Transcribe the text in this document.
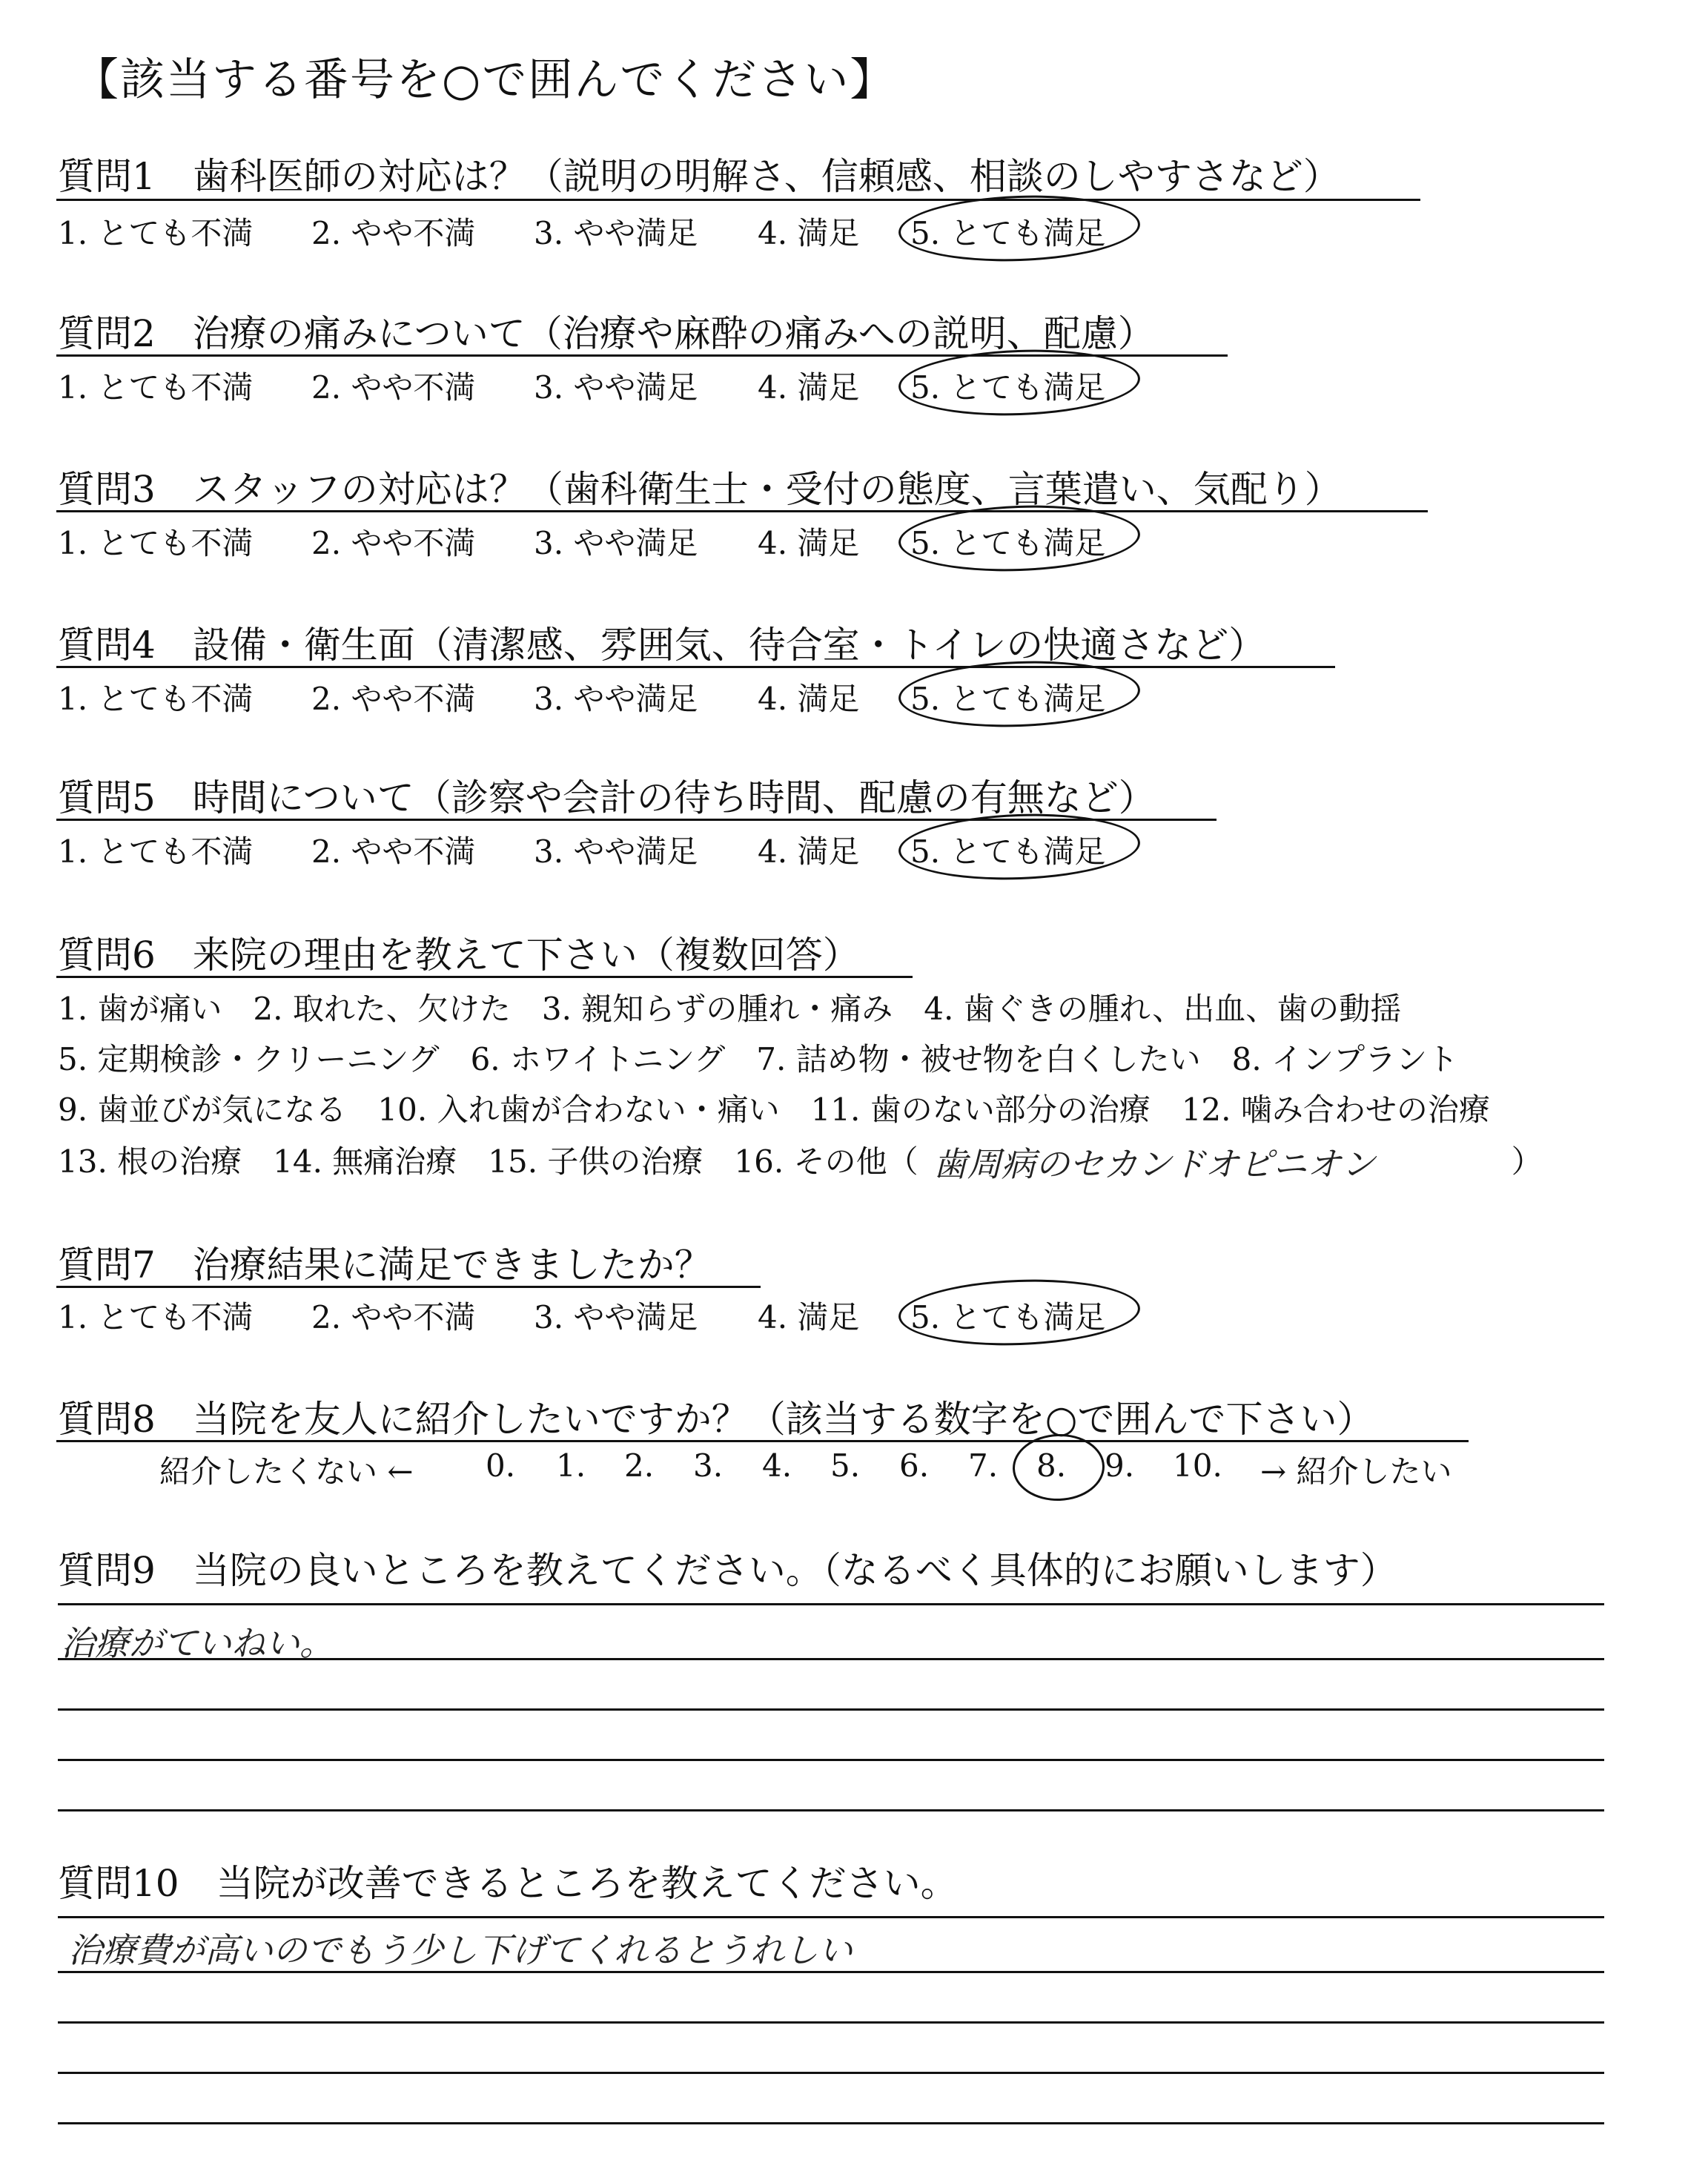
【該当する番号を○で囲んでください】
質問1　歯科医師の対応は？（説明の明解さ、信頼感、相談のしやすさなど）
1. とても不満 2. やや不満 3. やや満足 4. 満足 5. とても満足
質問2　治療の痛みについて（治療や麻酔の痛みへの説明、配慮）
1. とても不満 2. やや不満 3. やや満足 4. 満足 5. とても満足
質問3　スタッフの対応は？（歯科衛生士・受付の態度、言葉遣い、気配り）
1. とても不満 2. やや不満 3. やや満足 4. 満足 5. とても満足
質問4　設備・衛生面（清潔感、雰囲気、待合室・トイレの快適さなど）
1. とても不満 2. やや不満 3. やや満足 4. 満足 5. とても満足
質問5　時間について（診察や会計の待ち時間、配慮の有無など）
1. とても不満 2. やや不満 3. やや満足 4. 満足 5. とても満足
1. とても不満 2. やや不満 3. やや満足 4. 満足 5. とても満足
質問6　来院の理由を教えて下さい（複数回答）
1. 歯が痛い　2. 取れた、欠けた　3. 親知らずの腫れ・痛み　4. 歯ぐきの腫れ、出血、歯の動揺
5. 定期検診・クリーニング　6. ホワイトニング　7. 詰め物・被せ物を白くしたい　8. インプラント
9. 歯並びが気になる　10. 入れ歯が合わない・痛い　11. 歯のない部分の治療　12. 噛み合わせの治療
13. 根の治療　14. 無痛治療　15. 子供の治療　16. その他（ 歯周病のセカンドオピニオン	）
質問7　治療結果に満足できましたか？
質問8　当院を友人に紹介したいですか？（該当する数字を○で囲んで下さい）
紹介したくない ← 0. 1. 2. 3. 4. 5. 6. 7. 8. 9. 10. → 紹介したい
質問9　当院の良いところを教えてください。（なるべく具体的にお願いします）
治療がていねい。
質問10　当院が改善できるところを教えてください。
治療費が高いのでもう少し下げてくれるとうれしい
